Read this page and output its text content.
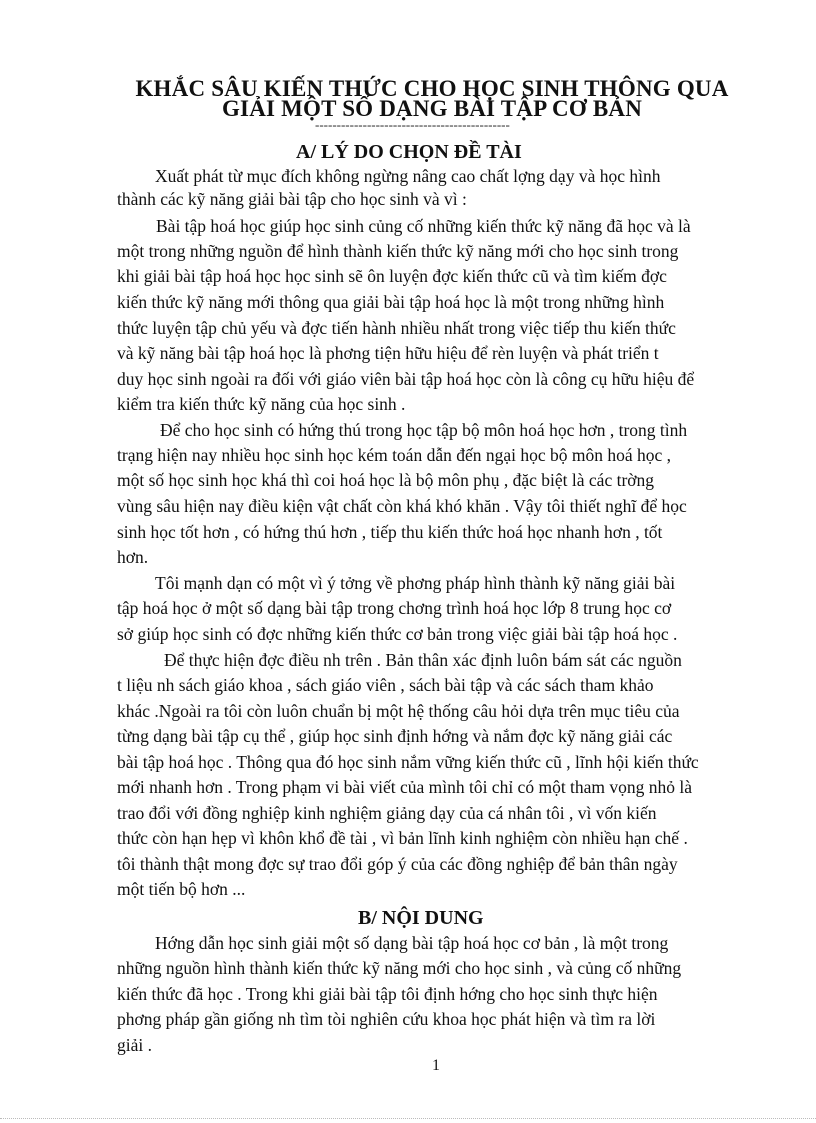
KHẮC SÂU KIẾN THỨC CHO HỌC SINH THÔNG QUA
GIẢI MỘT SỐ DẠNG BÀI TẬP CƠ BẢN
---------------------------------------------
A/ LÝ DO CHỌN ĐỀ TÀI
Xuất phát từ mục đích không ngừng nâng cao chất lợng dạy và học hình
thành các kỹ năng giải bài tập cho học sinh và vì :
Bài tập hoá học giúp học sinh củng cố những kiến thức kỹ năng đã học và là
một trong những nguồn để hình thành kiến thức kỹ năng mới cho học sinh trong
khi giải bài tập hoá học học sinh sẽ ôn luyện đợc kiến thức cũ và tìm kiếm đợc
kiến thức kỹ năng mới thông qua giải bài tập hoá học là một trong những hình
thức luyện tập chủ yếu và đợc tiến hành nhiều nhất trong việc tiếp thu kiến thức
và kỹ năng bài tập hoá học là phơng tiện hữu hiệu để rèn luyện và phát triển t
duy học sinh ngoài ra đối với giáo viên bài tập hoá học còn là công cụ hữu hiệu để
kiểm tra kiến thức kỹ năng của học sinh .
Để cho học sinh có hứng thú trong học tập bộ môn hoá học hơn , trong tình
trạng hiện nay nhiều học sinh học kém toán dẫn đến ngại học bộ môn hoá học ,
một số học sinh học khá thì coi hoá học là bộ môn phụ , đặc biệt là các trờng
vùng sâu hiện nay điều kiện vật chất còn khá khó khăn . Vậy tôi thiết nghĩ để học
sinh học tốt hơn , có hứng thú hơn , tiếp thu kiến thức hoá học nhanh hơn , tốt
hơn.
Tôi mạnh dạn có một vì ý tởng về phơng pháp hình thành kỹ năng giải bài
tập hoá học ở một số dạng bài tập trong chơng trình hoá học lớp 8 trung học cơ
sở giúp học sinh có đợc những kiến thức cơ bản trong việc giải bài tập hoá học .
Để thực hiện đợc điều nh trên . Bản thân xác định luôn bám sát các nguồn
t liệu nh sách giáo khoa , sách giáo viên , sách bài tập và các sách tham khảo
khác .Ngoài ra tôi còn luôn chuẩn bị một hệ thống câu hỏi dựa trên mục tiêu của
từng dạng bài tập cụ thể , giúp học sinh định hớng và nắm đợc kỹ năng giải các
bài tập hoá học . Thông qua đó học sinh nắm vững kiến thức cũ , lĩnh hội kiến thức
mới nhanh hơn . Trong phạm vi bài viết của mình tôi chỉ có một tham vọng nhỏ là
trao đổi với đồng nghiệp kinh nghiệm giảng dạy của cá nhân tôi , vì vốn kiến
thức còn hạn hẹp vì khôn khổ đề tài , vì bản lĩnh kinh nghiệm còn nhiều hạn chế .
tôi thành thật mong đợc sự trao đổi góp ý của các đồng nghiệp để bản thân ngày
một tiến bộ hơn ...
B/ NỘI DUNG
Hớng dẫn học sinh giải một số dạng bài tập hoá học cơ bản , là một trong
những nguồn hình thành kiến thức kỹ năng mới cho học sinh , và củng cố những
kiến thức đã học . Trong khi giải bài tập tôi định hớng cho học sinh thực hiện
phơng pháp gần giống nh tìm tòi nghiên cứu khoa học phát hiện và tìm ra lời
giải .
1
